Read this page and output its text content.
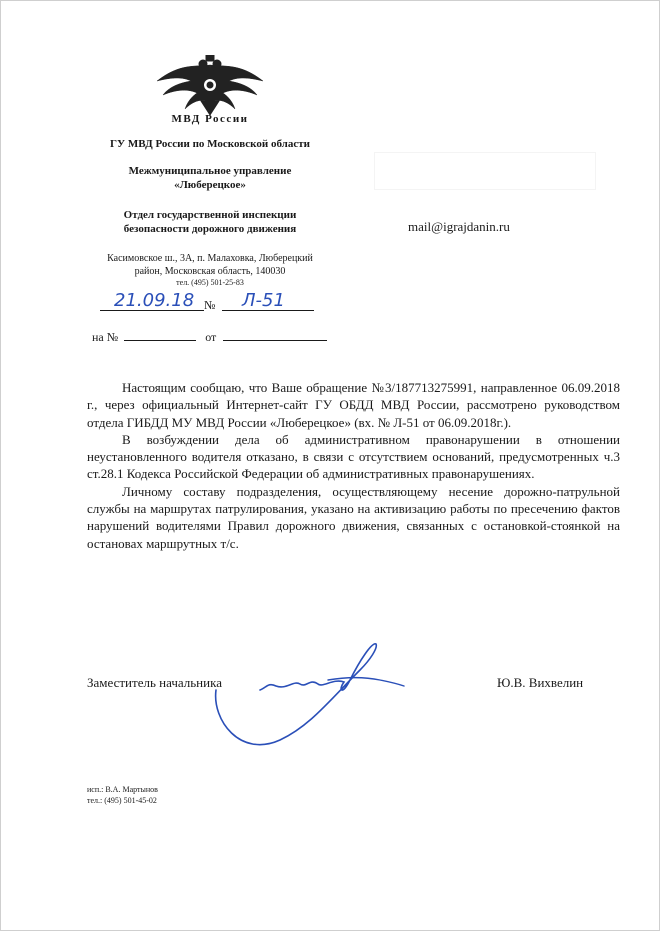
МВД России
ГУ МВД России по Московской области
Межмуниципальное управление
«Люберецкое»
Отдел государственной инспекции
безопасности дорожного движения
Касимовское ш., 3А, п. Малаховка, Люберецкий
район, Московская область, 140030
тел. (495) 501-25-83
mail@igrajdanin.ru
21.09.18 № Л-51
на №	от

Настоящим сообщаю, что Ваше обращение №3/187713275991, направленное 06.09.2018 г., через официальный Интернет-сайт ГУ ОБДД МВД России, рассмотрено руководством отдела ГИБДД МУ МВД России «Люберецкое» (вх. № Л-51 от 06.09.2018г.).

В возбуждении дела об административном правонарушении в отношении неустановленного водителя отказано, в связи с отсутствием оснований, предусмотренных ч.3 ст.28.1 Кодекса Российской Федерации об административных правонарушениях.

Личному составу подразделения, осуществляющему несение дорожно-патрульной службы на маршрутах патрулирования, указано на активизацию работы по пресечению фактов нарушений водителями Правил дорожного движения, связанных с остановкой-стоянкой на остановах маршрутных т/с.

Заместитель начальника	Ю.В. Вихвелин
исп.: В.А. Мартынов
тел.: (495) 501-45-02
